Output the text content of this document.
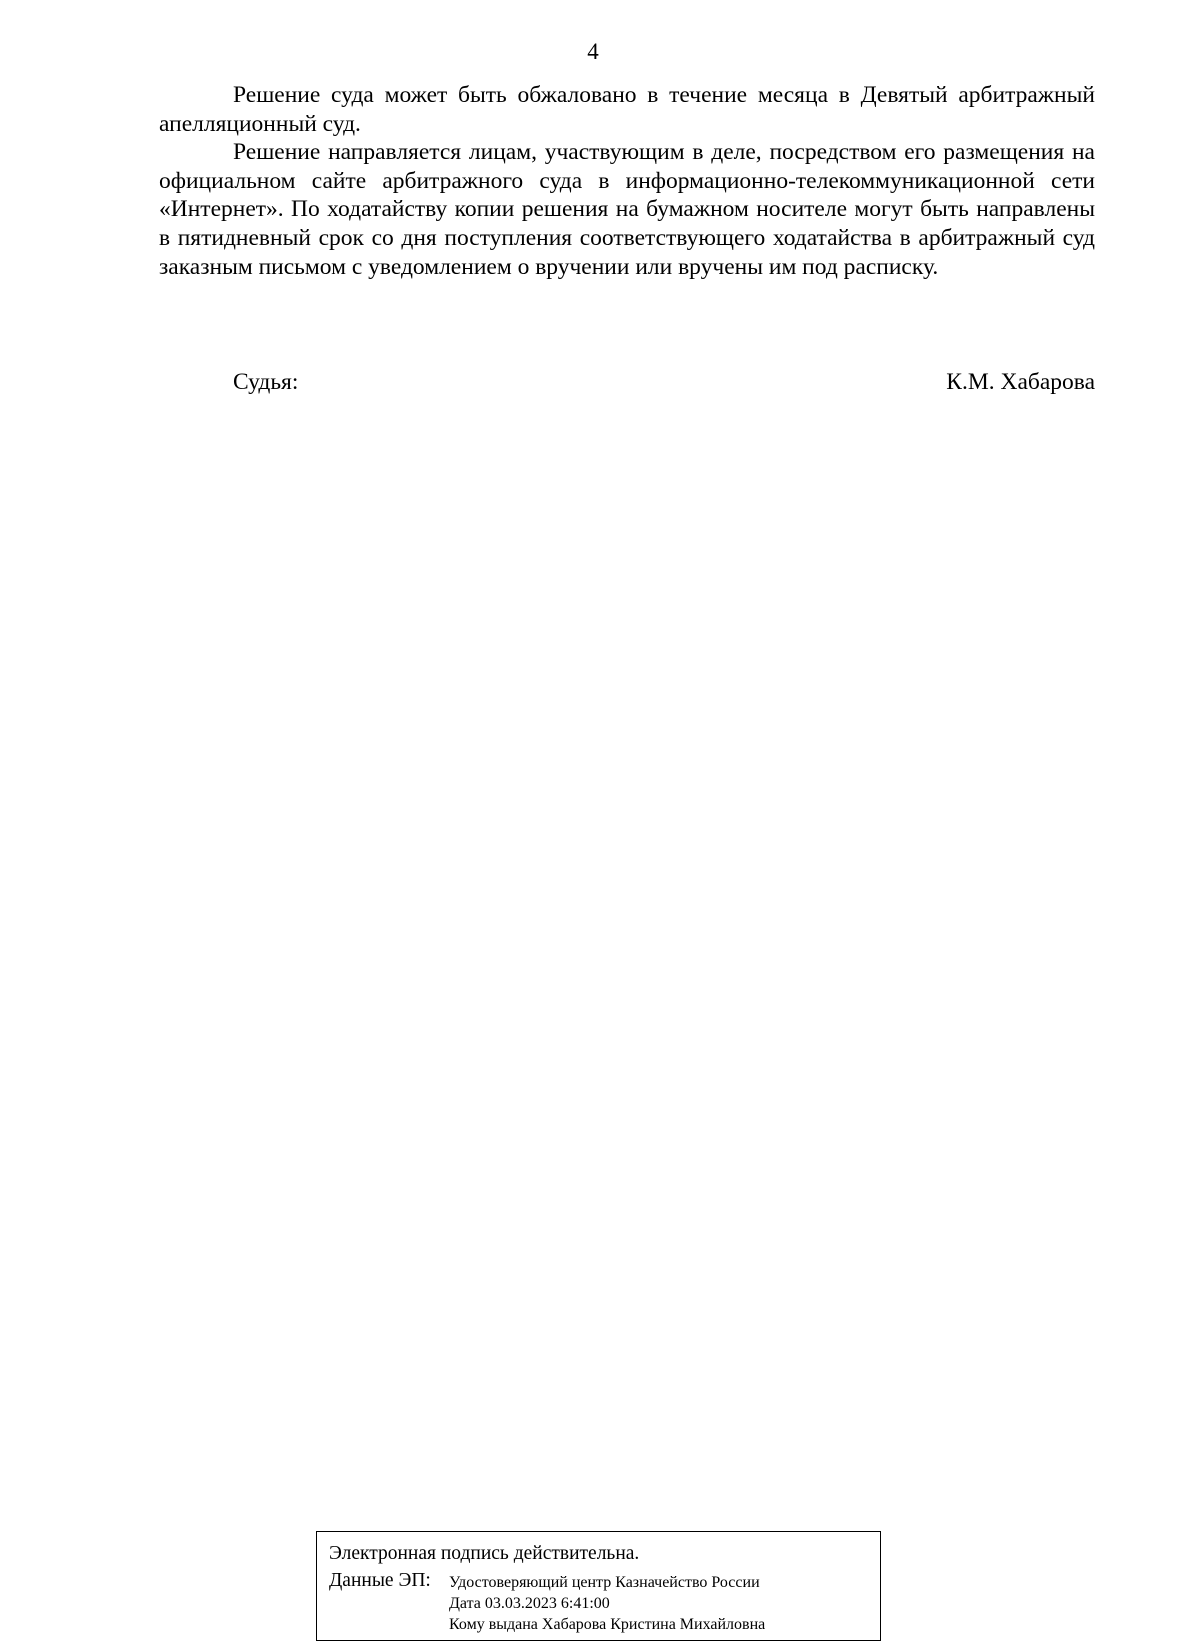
4

Решение суда может быть обжаловано в течение месяца в Девятый арбитражный апелляционный суд.

Решение направляется лицам, участвующим в деле, посредством его размещения на официальном сайте арбитражного суда в информационно-телекоммуникационной сети «Интернет». По ходатайству копии решения на бумажном носителе могут быть направлены в пятидневный срок со дня поступления соответствующего ходатайства в арбитражный суд заказным письмом с уведомлением о вручении или вручены им под расписку.

Судья:	К.М. Хабарова
Электронная подпись действительна.
Данные ЭП: Удостоверяющий центр Казначейство России
Дата 03.03.2023 6:41:00
Кому выдана Хабарова Кристина Михайловна
